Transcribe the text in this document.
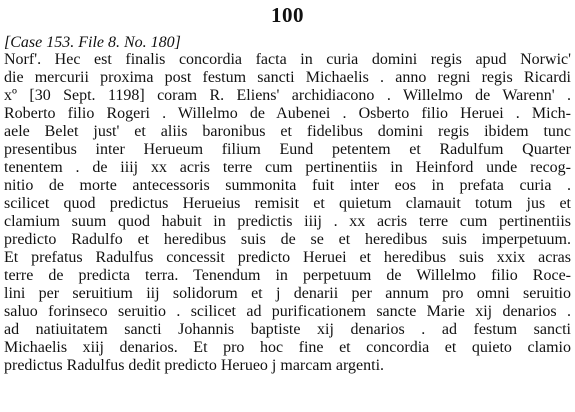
100
[Case 153. File 8. No. 180]
Norf'. Hec est finalis concordia facta in curia domini regis apud Norwic'
die mercurii proxima post festum sancti Michaelis . anno regni regis Ricardi
xº [30 Sept. 1198] coram R. Eliens' archidiacono . Willelmo de Warenn' .
Roberto filio Rogeri . Willelmo de Aubenei . Osberto filio Heruei . Mich-
aele Belet just' et aliis baronibus et fidelibus domini regis ibidem tunc
presentibus inter Herueum filium Eund petentem et Radulfum Quarter
tenentem . de iiij xx acris terre cum pertinentiis in Heinford unde recog-
nitio de morte antecessoris summonita fuit inter eos in prefata curia .
scilicet quod predictus Herueius remisit et quietum clamauit totum jus et
clamium suum quod habuit in predictis iiij . xx acris terre cum pertinentiis
predicto Radulfo et heredibus suis de se et heredibus suis imperpetuum.
Et prefatus Radulfus concessit predicto Heruei et heredibus suis xxix acras
terre de predicta terra. Tenendum in perpetuum de Willelmo filio Roce-
lini per seruitium iij solidorum et j denarii per annum pro omni seruitio
saluo forinseco seruitio . scilicet ad purificationem sancte Marie xij denarios .
ad natiuitatem sancti Johannis baptiste xij denarios . ad festum sancti
Michaelis xiij denarios. Et pro hoc fine et concordia et quieto clamio
predictus Radulfus dedit predicto Herueo j marcam argenti.
